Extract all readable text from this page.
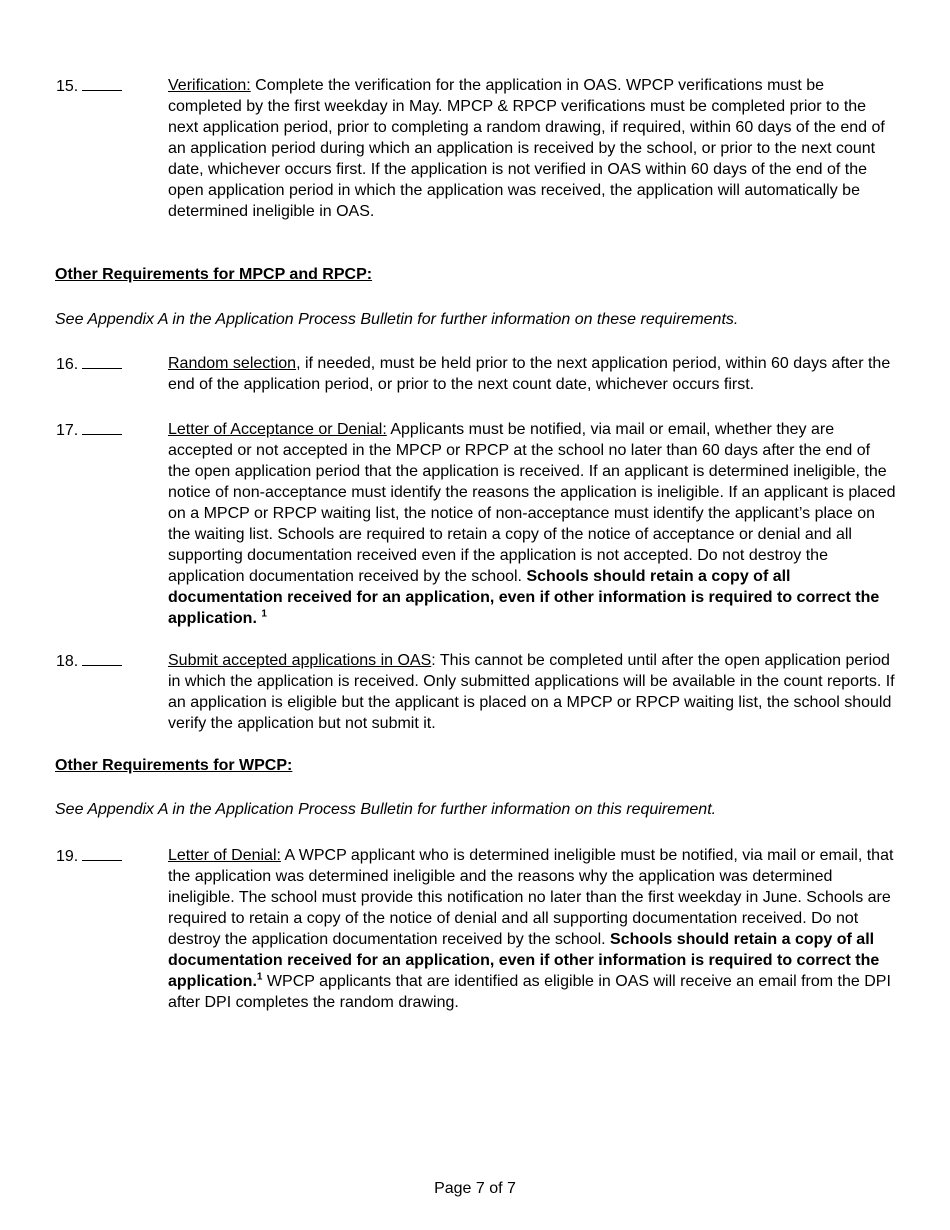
15.	Verification: Complete the verification for the application in OAS. WPCP verifications must be completed by the first weekday in May. MPCP & RPCP verifications must be completed prior to the next application period, prior to completing a random drawing, if required, within 60 days of the end of an application period during which an application is received by the school, or prior to the next count date, whichever occurs first. If the application is not verified in OAS within 60 days of the end of the open application period in which the application was received, the application will automatically be determined ineligible in OAS.
Other Requirements for MPCP and RPCP:
See Appendix A in the Application Process Bulletin for further information on these requirements.
16.	Random selection, if needed, must be held prior to the next application period, within 60 days after the end of the application period, or prior to the next count date, whichever occurs first.
17.	Letter of Acceptance or Denial: Applicants must be notified, via mail or email, whether they are accepted or not accepted in the MPCP or RPCP at the school no later than 60 days after the end of the open application period that the application is received. If an applicant is determined ineligible, the notice of non-acceptance must identify the reasons the application is ineligible. If an applicant is placed on a MPCP or RPCP waiting list, the notice of non-acceptance must identify the applicant’s place on the waiting list. Schools are required to retain a copy of the notice of acceptance or denial and all supporting documentation received even if the application is not accepted. Do not destroy the application documentation received by the school. Schools should retain a copy of all documentation received for an application, even if other information is required to correct the application. $^1$
18.	Submit accepted applications in OAS: This cannot be completed until after the open application period in which the application is received. Only submitted applications will be available in the count reports. If an application is eligible but the applicant is placed on a MPCP or RPCP waiting list, the school should verify the application but not submit it.
Other Requirements for WPCP:
See Appendix A in the Application Process Bulletin for further information on this requirement.
19.	Letter of Denial: A WPCP applicant who is determined ineligible must be notified, via mail or email, that the application was determined ineligible and the reasons why the application was determined ineligible. The school must provide this notification no later than the first weekday in June. Schools are required to retain a copy of the notice of denial and all supporting documentation received. Do not destroy the application documentation received by the school. Schools should retain a copy of all documentation received for an application, even if other information is required to correct the application.$^1$ WPCP applicants that are identified as eligible in OAS will receive an email from the DPI after DPI completes the random drawing.
Page 7 of 7
